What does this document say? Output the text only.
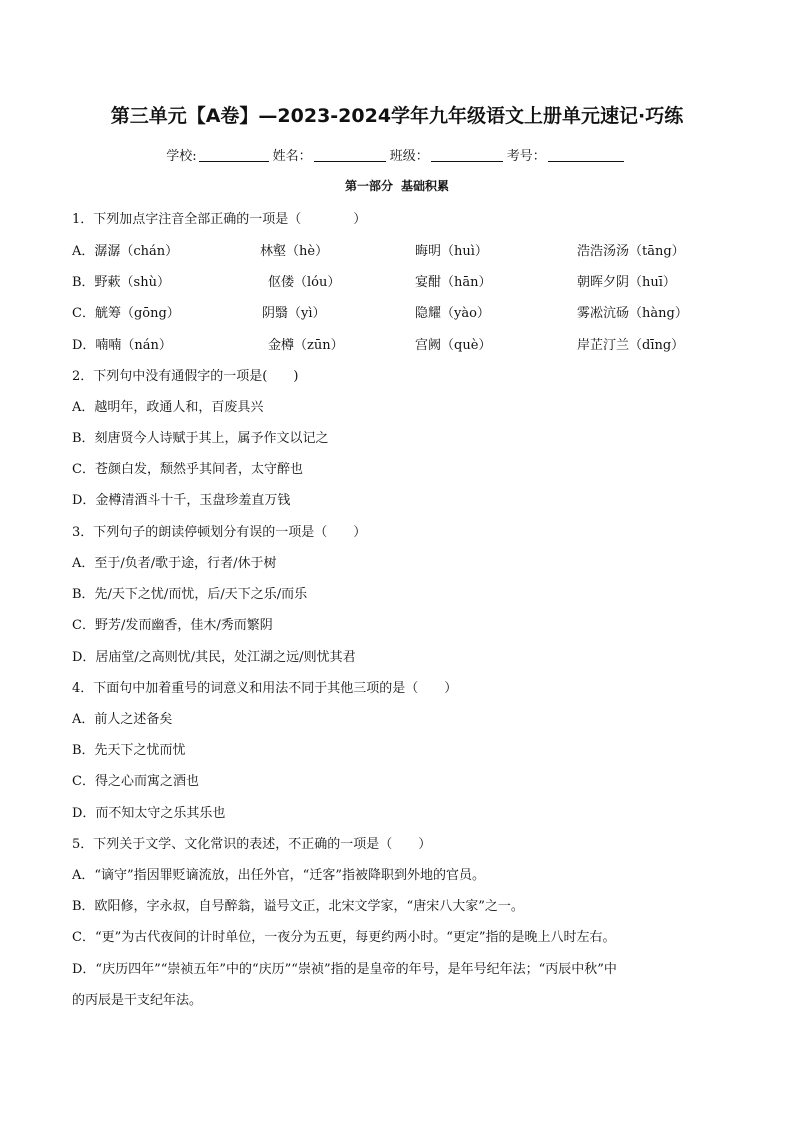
第三单元【A卷】—2023-2024学年九年级语文上册单元速记·巧练
学校:	姓名：	班级：	考号：
第一部分 基础积累
1．下列加点字注音全部正确的一项是（　　　　）
A．潺潺（chán）	林壑（hè）	晦明（huì）	浩浩汤汤（tāng）
B．野蔌（shù）	伛偻（lóu）	宴酣（hān）	朝晖夕阴（huī）
C．觥筹（gōng）	阴翳（yì）	隐耀（yào）	雾凇沆砀（hàng）
D．喃喃（nán）	金樽（zūn）	宫阙（què）	岸芷汀兰（dīng）
2．下列句中没有通假字的一项是(　　)
A．越明年，政通人和，百废具兴
B．刻唐贤今人诗赋于其上，属予作文以记之
C．苍颜白发，颓然乎其间者，太守醉也
D．金樽清酒斗十千，玉盘珍羞直万钱
3．下列句子的朗读停顿划分有误的一项是（　　）
A．至于/负者/歌于途，行者/休于树
B．先/天下之忧/而忧，后/天下之乐/而乐
C．野芳/发而幽香，佳木/秀而繁阴
D．居庙堂/之高则忧/其民，处江湖之远/则忧其君
4．下面句中加着重号的词意义和用法不同于其他三项的是（　　）
A．前人之述备矣
B．先天下之忧而忧
C．得之心而寓之酒也
D．而不知太守之乐其乐也
5．下列关于文学、文化常识的表述，不正确的一项是（　　）
A．“谪守”指因罪贬谪流放，出任外官，“迁客”指被降职到外地的官员。
B．欧阳修，字永叔，自号醉翁，谥号文正，北宋文学家，“唐宋八大家”之一。
C．“更”为古代夜间的计时单位，一夜分为五更，每更约两小时。“更定”指的是晚上八时左右。
D．“庆历四年”“崇祯五年”中的“庆历”“崇祯”指的是皇帝的年号，是年号纪年法；“丙辰中秋”中
的丙辰是干支纪年法。
